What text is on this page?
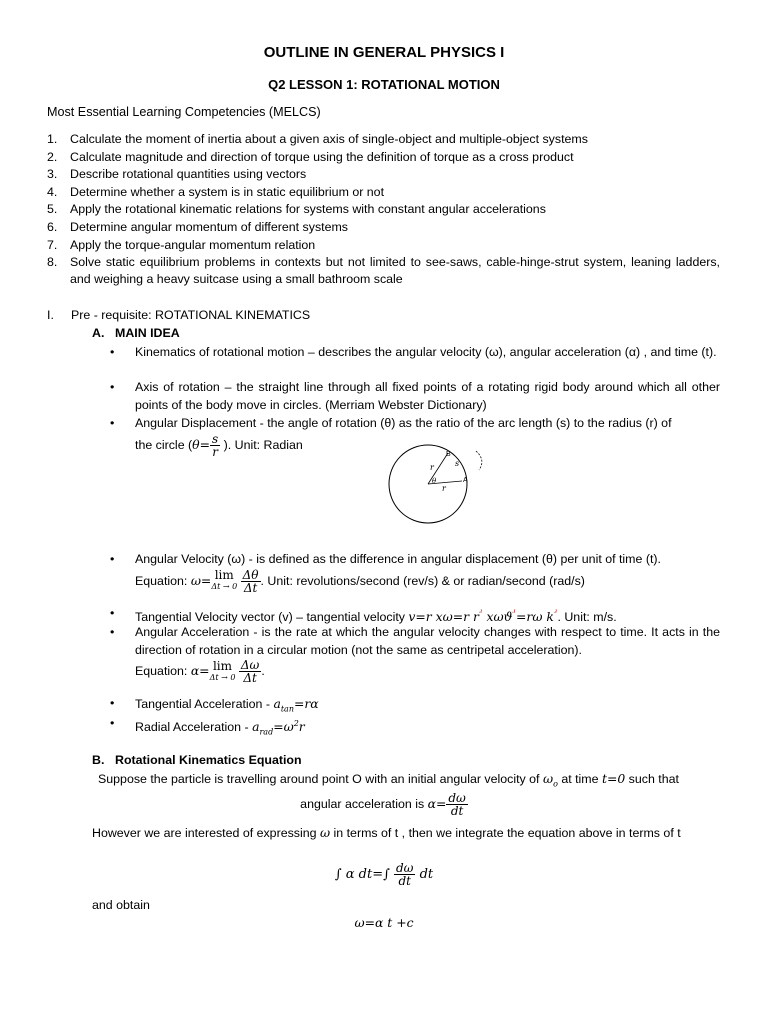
OUTLINE IN GENERAL PHYSICS I
Q2 LESSON 1: ROTATIONAL MOTION
Most Essential Learning Competencies (MELCS)
1. Calculate the moment of inertia about a given axis of single-object and multiple-object systems
2. Calculate magnitude and direction of torque using the definition of torque as a cross product
3. Describe rotational quantities using vectors
4. Determine whether a system is in static equilibrium or not
5. Apply the rotational kinematic relations for systems with constant angular accelerations
6. Determine angular momentum of different systems
7. Apply the torque-angular momentum relation
8. Solve static equilibrium problems in contexts but not limited to see-saws, cable-hinge-strut system, leaning ladders, and weighing a heavy suitcase using a small bathroom scale
I. Pre - requisite: ROTATIONAL KINEMATICS
A. MAIN IDEA
• Kinematics of rotational motion – describes the angular velocity (ω), angular acceleration (α) , and time (t).
• Axis of rotation – the straight line through all fixed points of a rotating rigid body around which all other points of the body move in circles. (Merriam Webster Dictionary)
• Angular Displacement - the angle of rotation (θ) as the ratio of the arc length (s) to the radius (r) of
the circle ($\theta= \frac{s}{r}$ ). Unit: Radian
B
A
r
r
s
θ
• Angular Velocity (ω) - is defined as the difference in angular displacement (θ) per unit of time (t).
Equation: ω= lim
Δt → 0
$\frac{\Delta\theta}{\Delta t}$ . Unit: revolutions/second (rev/s) & or radian/second (rad/s)
• Tangential Velocity vector (v) – tangential velocity v=r xω=r $r^ʴ$ xωϑ$^ʴ$=rω $k^ʴ$. Unit: m/s.
• Angular Acceleration - is the rate at which the angular velocity changes with respect to time. It acts in the direction of rotation in a circular motion (not the same as centripetal acceleration).
Equation: α= lim
Δt → 0
$\frac{\Delta\omega}{\Delta t}$ .
• Tangential Acceleration - $a_{tan}=r\alpha$
• Radial Acceleration - $a_{rad}=\omega^2r$
B. Rotational Kinematics Equation
Suppose the particle is travelling around point O with an initial angular velocity of $\omega_o$ at time t=0 such that
angular acceleration is $\alpha= \frac{d\omega}{dt}$
However we are interested of expressing ω in terms of t , then we integrate the equation above in terms of t
∫ α $dt=\int \frac{d\omega}{dt}$ dt
and obtain
ω=α t +c
